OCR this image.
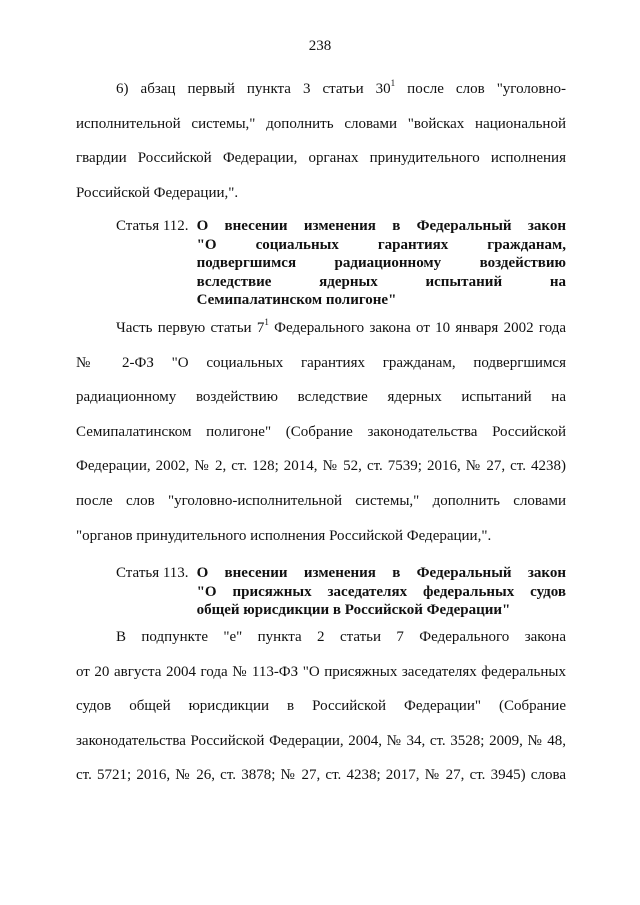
238
6) абзац первый пункта 3 статьи $30^1$ после слов "уголовно-
исполнительной системы," дополнить словами "войсках национальной
гвардии Российской Федерации, органах принудительного исполнения
Российской Федерации,".
Статья 112. О внесении изменения в Федеральный закон
"О социальных гарантиях гражданам,
подвергшимся радиационному воздействию
вследствие ядерных испытаний на
Семипалатинском полигоне"
Часть первую статьи $7^1$ Федерального закона от 10 января 2002 года
№ 2-ФЗ "О социальных гарантиях гражданам, подвергшимся
радиационному воздействию вследствие ядерных испытаний на
Семипалатинском полигоне" (Собрание законодательства Российской
Федерации, 2002, № 2, ст. 128; 2014, № 52, ст. 7539; 2016, № 27, ст. 4238)
после слов "уголовно-исполнительной системы," дополнить словами
"органов принудительного исполнения Российской Федерации,".
Статья 113. О внесении изменения в Федеральный закон
"О присяжных заседателях федеральных судов
общей юрисдикции в Российской Федерации"
В подпункте "е" пункта 2 статьи 7 Федерального закона
от 20 августа 2004 года № 113-ФЗ "О присяжных заседателях федеральных
судов общей юрисдикции в Российской Федерации" (Собрание
законодательства Российской Федерации, 2004, № 34, ст. 3528; 2009, № 48,
ст. 5721; 2016, № 26, ст. 3878; № 27, ст. 4238; 2017, № 27, ст. 3945) слова
